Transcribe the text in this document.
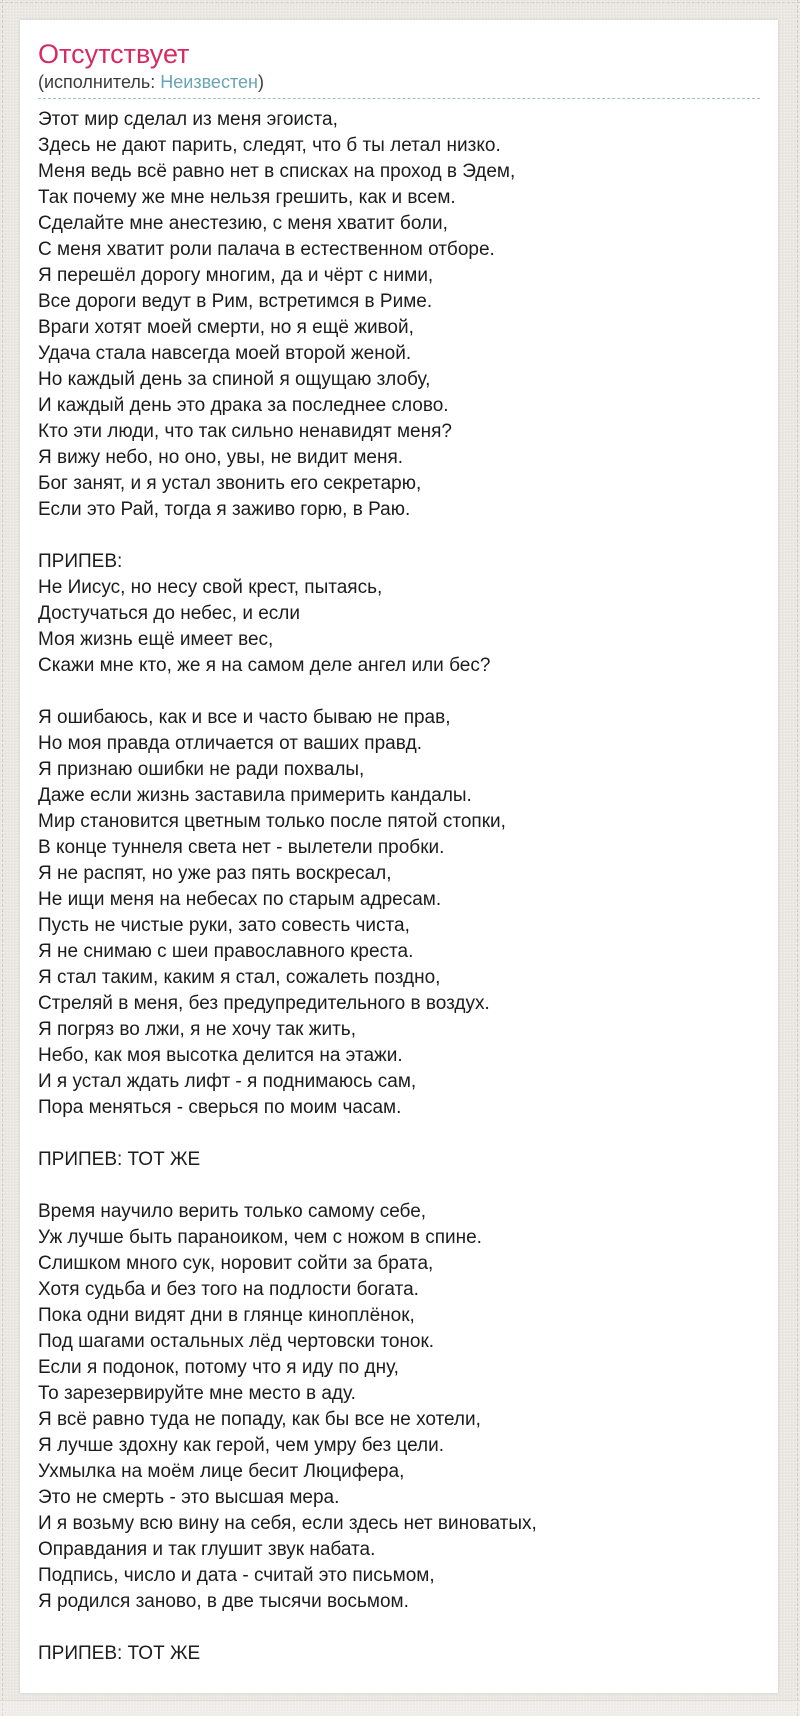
Отсутствует
(исполнитель: Неизвестен)
Этот мир сделал из меня эгоиста,
Здесь не дают парить, следят, что б ты летал низко.
Меня ведь всё равно нет в списках на проход в Эдем,
Так почему же мне нельзя грешить, как и всем.
Сделайте мне анестезию, с меня хватит боли,
С меня хватит роли палача в естественном отборе.
Я перешёл дорогу многим, да и чёрт с ними,
Все дороги ведут в Рим, встретимся в Риме.
Враги хотят моей смерти, но я ещё живой,
Удача стала навсегда моей второй женой.
Но каждый день за спиной я ощущаю злобу,
И каждый день это драка за последнее слово.
Кто эти люди, что так сильно ненавидят меня?
Я вижу небо, но оно, увы, не видит меня.
Бог занят, и я устал звонить его секретарю,
Если это Рай, тогда я заживо горю, в Раю.
ПРИПЕВ:
Не Иисус, но несу свой крест, пытаясь,
Достучаться до небес, и если
Моя жизнь ещё имеет вес,
Скажи мне кто, же я на самом деле ангел или бес?
Я ошибаюсь, как и все и часто бываю не прав,
Но моя правда отличается от ваших правд.
Я признаю ошибки не ради похвалы,
Даже если жизнь заставила примерить кандалы.
Мир становится цветным только после пятой стопки,
В конце туннеля света нет - вылетели пробки.
Я не распят, но уже раз пять воскресал,
Не ищи меня на небесах по старым адресам.
Пусть не чистые руки, зато совесть чиста,
Я не снимаю с шеи православного креста.
Я стал таким, каким я стал, сожалеть поздно,
Стреляй в меня, без предупредительного в воздух.
Я погряз во лжи, я не хочу так жить,
Небо, как моя высотка делится на этажи.
И я устал ждать лифт - я поднимаюсь сам,
Пора меняться - сверься по моим часам.
ПРИПЕВ: ТОТ ЖЕ
Время научило верить только самому себе,
Уж лучше быть параноиком, чем с ножом в спине.
Слишком много сук, норовит сойти за брата,
Хотя судьба и без того на подлости богата.
Пока одни видят дни в глянце киноплёнок,
Под шагами остальных лёд чертовски тонок.
Если я подонок, потому что я иду по дну,
То зарезервируйте мне место в аду.
Я всё равно туда не попаду, как бы все не хотели,
Я лучше здохну как герой, чем умру без цели.
Ухмылка на моём лице бесит Люцифера,
Это не смерть - это высшая мера.
И я возьму всю вину на себя, если здесь нет виноватых,
Оправдания и так глушит звук набата.
Подпись, число и дата - считай это письмом,
Я родился заново, в две тысячи восьмом.
ПРИПЕВ: ТОТ ЖЕ
